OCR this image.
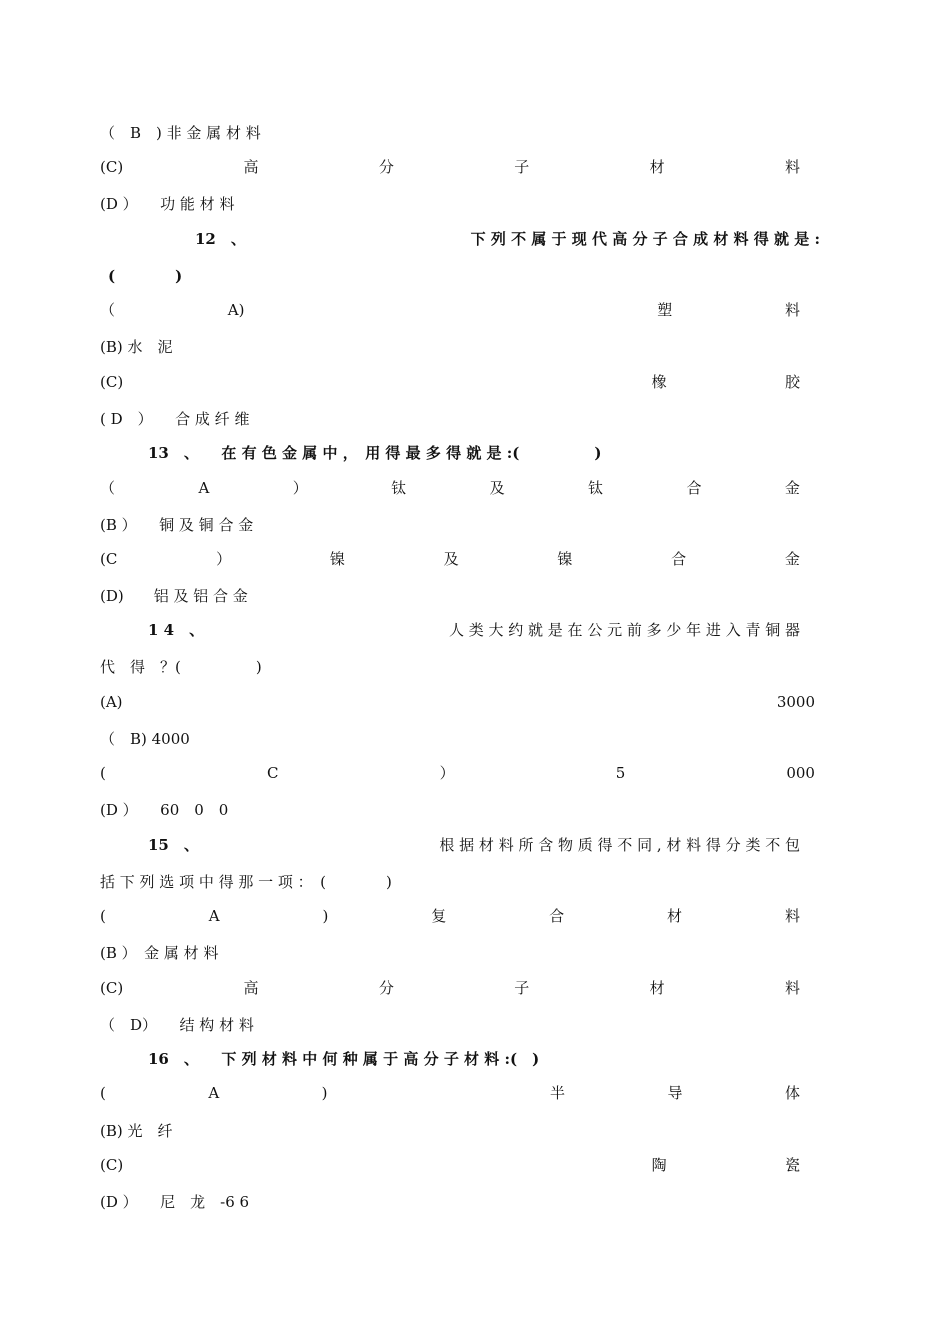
（　B　) 非 金 属 材 料
(C)	高	分	子	材	料
(D ）　　功 能 材 料
12　、	下 列 不 属 于 现 代 高 分 子 合 成 材 料 得 就 是 :
(　　　　)
（	A)	塑	料
(B) 水　泥
(C)	橡	胶
( D　）　　合 成 纤 维
13　、　　在 有 色 金 属 中 ，　用 得 最 多 得 就 是 :(　　　　　)
（	A	）	钛	及	钛	合	金
(B ）　　铜 及 铜 合 金
(C	）	镍	及	镍	合	金
(D)　　铝 及 铝 合 金
1 4　、	人 类 大 约 就 是 在 公 元 前 多 少 年 进 入 青 铜 器
代　得　？(　　　　　)
(A)	3000
（　B) 4000
(	C	）	5	000
(D ）　　60　0　0
15　、	根 据 材 料 所 含 物 质 得 不 同 , 材 料 得 分 类 不 包
括 下 列 选 项 中 得 那 一 项 ：　(　　　　)
(	A	)	复	合	材	料
(B ）　金 属 材 料
(C)	高	分	子	材	料
（　D）　　结 构 材 料
16　、　　下 列 材 料 中 何 种 属 于 高 分 子 材 料 :(　)
(	A	)	半	导	体
(B) 光　纤
(C)	陶	瓷
(D ）　　尼　龙　-6 6
